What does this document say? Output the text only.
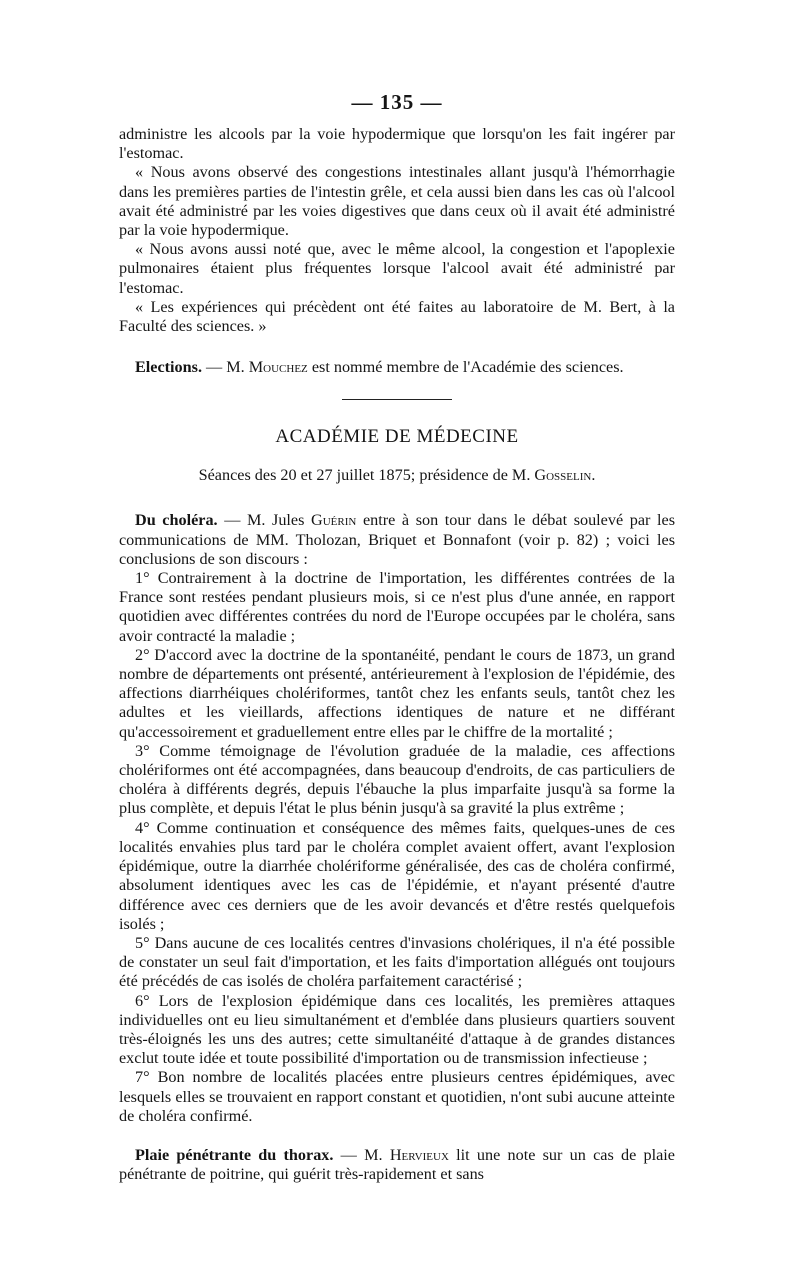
— 135 —

administre les alcools par la voie hypodermique que lorsqu'on les fait ingérer par l'estomac.

« Nous avons observé des congestions intestinales allant jusqu'à l'hémorrhagie dans les premières parties de l'intestin grêle, et cela aussi bien dans les cas où l'alcool avait été administré par les voies digestives que dans ceux où il avait été administré par la voie hypodermique.

« Nous avons aussi noté que, avec le même alcool, la congestion et l'apoplexie pulmonaires étaient plus fréquentes lorsque l'alcool avait été administré par l'estomac.

« Les expériences qui précèdent ont été faites au laboratoire de M. Bert, à la Faculté des sciences. »

Elections. — M. Mouchez est nommé membre de l'Académie des sciences.

ACADÉMIE DE MÉDECINE
Séances des 20 et 27 juillet 1875; présidence de M. Gosselin.

Du choléra. — M. Jules Guérin entre à son tour dans le débat soulevé par les communications de MM. Tholozan, Briquet et Bonnafont (voir p. 82) ; voici les conclusions de son discours :

1° Contrairement à la doctrine de l'importation, les différentes contrées de la France sont restées pendant plusieurs mois, si ce n'est plus d'une année, en rapport quotidien avec différentes contrées du nord de l'Europe occupées par le choléra, sans avoir contracté la maladie ;

2° D'accord avec la doctrine de la spontanéité, pendant le cours de 1873, un grand nombre de départements ont présenté, antérieurement à l'explosion de l'épidémie, des affections diarrhéiques cholériformes, tantôt chez les enfants seuls, tantôt chez les adultes et les vieillards, affections identiques de nature et ne différant qu'accessoirement et graduellement entre elles par le chiffre de la mortalité ;

3° Comme témoignage de l'évolution graduée de la maladie, ces affections cholériformes ont été accompagnées, dans beaucoup d'endroits, de cas particuliers de choléra à différents degrés, depuis l'ébauche la plus imparfaite jusqu'à sa forme la plus complète, et depuis l'état le plus bénin jusqu'à sa gravité la plus extrême ;

4° Comme continuation et conséquence des mêmes faits, quelques-unes de ces localités envahies plus tard par le choléra complet avaient offert, avant l'explosion épidémique, outre la diarrhée cholériforme généralisée, des cas de choléra confirmé, absolument identiques avec les cas de l'épidémie, et n'ayant présenté d'autre différence avec ces derniers que de les avoir devancés et d'être restés quelquefois isolés ;

5° Dans aucune de ces localités centres d'invasions cholériques, il n'a été possible de constater un seul fait d'importation, et les faits d'importation allégués ont toujours été précédés de cas isolés de choléra parfaitement caractérisé ;

6° Lors de l'explosion épidémique dans ces localités, les premières attaques individuelles ont eu lieu simultanément et d'emblée dans plusieurs quartiers souvent très-éloignés les uns des autres; cette simultanéité d'attaque à de grandes distances exclut toute idée et toute possibilité d'importation ou de transmission infectieuse ;

7° Bon nombre de localités placées entre plusieurs centres épidémiques, avec lesquels elles se trouvaient en rapport constant et quotidien, n'ont subi aucune atteinte de choléra confirmé.

Plaie pénétrante du thorax. — M. Hervieux lit une note sur un cas de plaie pénétrante de poitrine, qui guérit très-rapidement et sans
